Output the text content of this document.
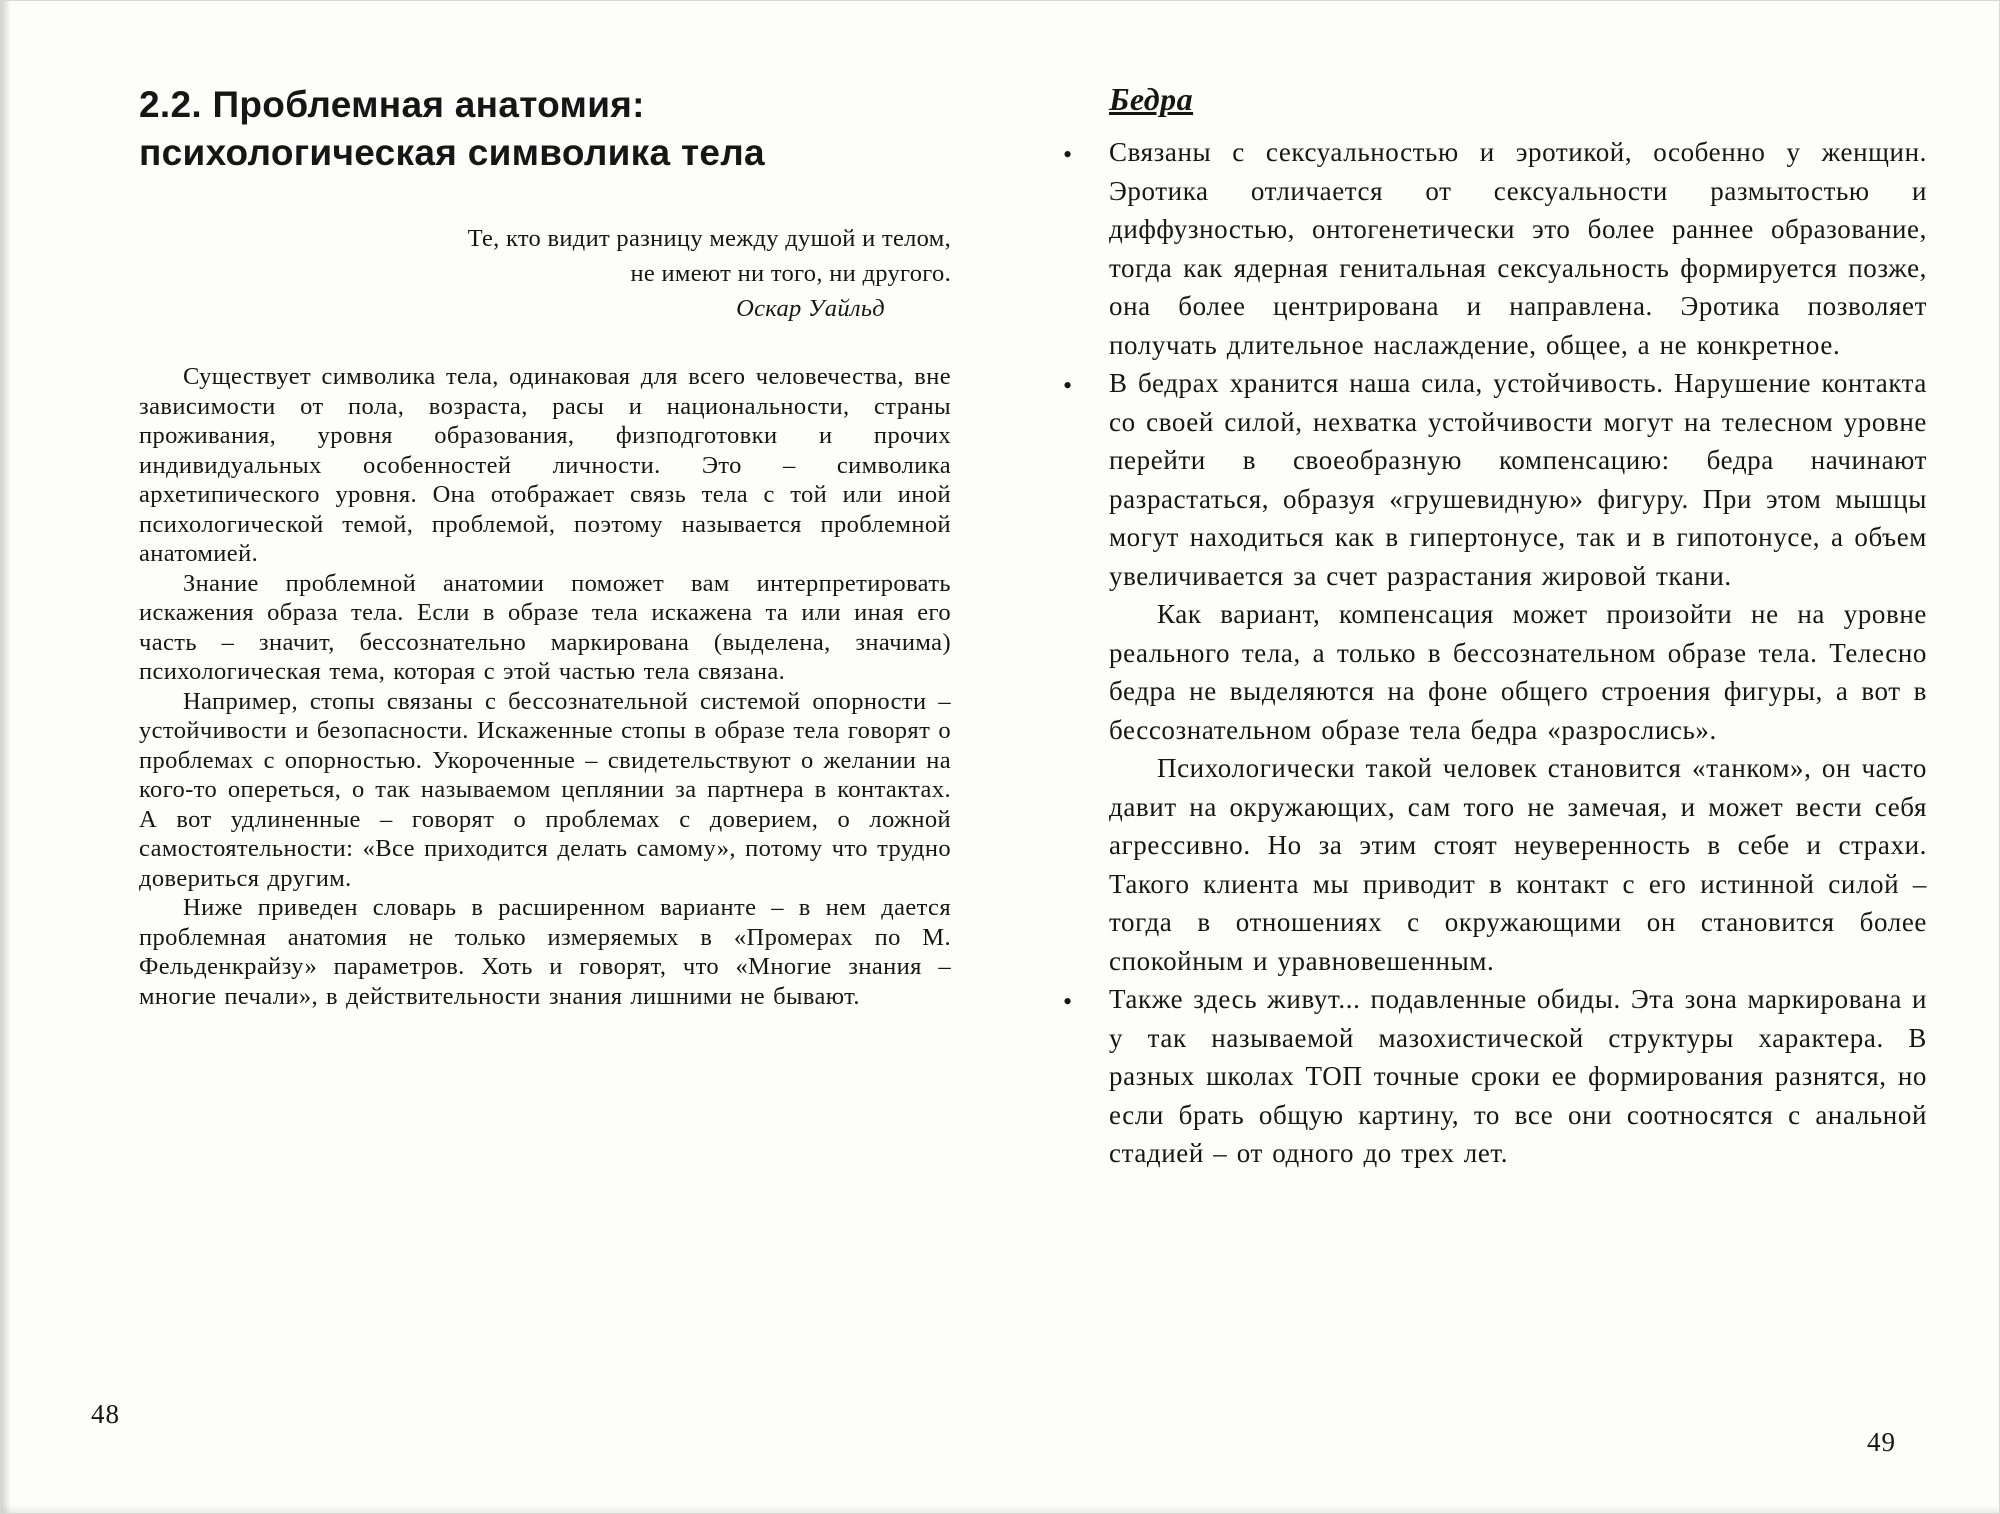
2.2. Проблемная анатомия:
психологическая символика тела
Те, кто видит разницу между душой и телом,
не имеют ни того, ни другого.
Оскар Уайльд

Существует символика тела, одинаковая для всего человечества, вне зависимости от пола, возраста, расы и национальности, страны проживания, уровня образования, физподготовки и прочих индивидуальных особенностей личности. Это – символика архетипического уровня. Она отображает связь тела с той или иной психологической темой, проблемой, поэтому называется проблемной анатомией.

Знание проблемной анатомии поможет вам интерпретировать искажения образа тела. Если в образе тела искажена та или иная его часть – значит, бессознательно маркирована (выделена, значима) психологическая тема, которая с этой частью тела связана.

Например, стопы связаны с бессознательной системой опорности – устойчивости и безопасности. Искаженные стопы в образе тела говорят о проблемах с опорностью. Укороченные – свидетельствуют о желании на кого-то опереться, о так называемом цеплянии за партнера в контактах. А вот удлиненные – говорят о проблемах с доверием, о ложной самостоятельности: «Все приходится делать самому», потому что трудно довериться другим.

Ниже приведен словарь в расширенном варианте – в нем дается проблемная анатомия не только измеряемых в «Промерах по М. Фельденкрайзу» параметров. Хоть и говорят, что «Многие знания – многие печали», в действительности знания лишними не бывают.

Бедра
• Связаны с сексуальностью и эротикой, особенно у женщин. Эротика отличается от сексуальности размытостью и диффузностью, онтогенетически это более раннее образование, тогда как ядерная генитальная сексуальность формируется позже, она более центрирована и направлена. Эротика позволяет получать длительное наслаждение, общее, а не конкретное.

• В бедрах хранится наша сила, устойчивость. Нарушение контакта со своей силой, нехватка устойчивости могут на телесном уровне перейти в своеобразную компенсацию: бедра начинают разрастаться, образуя «грушевидную» фигуру. При этом мышцы могут находиться как в гипертонусе, так и в гипотонусе, а объем увеличивается за счет разрастания жировой ткани.

Как вариант, компенсация может произойти не на уровне реального тела, а только в бессознательном образе тела. Телесно бедра не выделяются на фоне общего строения фигуры, а вот в бессознательном образе тела бедра «разрослись».

Психологически такой человек становится «танком», он часто давит на окружающих, сам того не замечая, и может вести себя агрессивно. Но за этим стоят неуверенность в себе и страхи. Такого клиента мы приводит в контакт с его истинной силой – тогда в отношениях с окружающими он становится более спокойным и уравновешенным.

• Также здесь живут... подавленные обиды. Эта зона маркирована и у так называемой мазохистической структуры характера. В разных школах ТОП точные сроки ее формирования разнятся, но если брать общую картину, то все они соотносятся с анальной стадией – от одного до трех лет.

48
49
